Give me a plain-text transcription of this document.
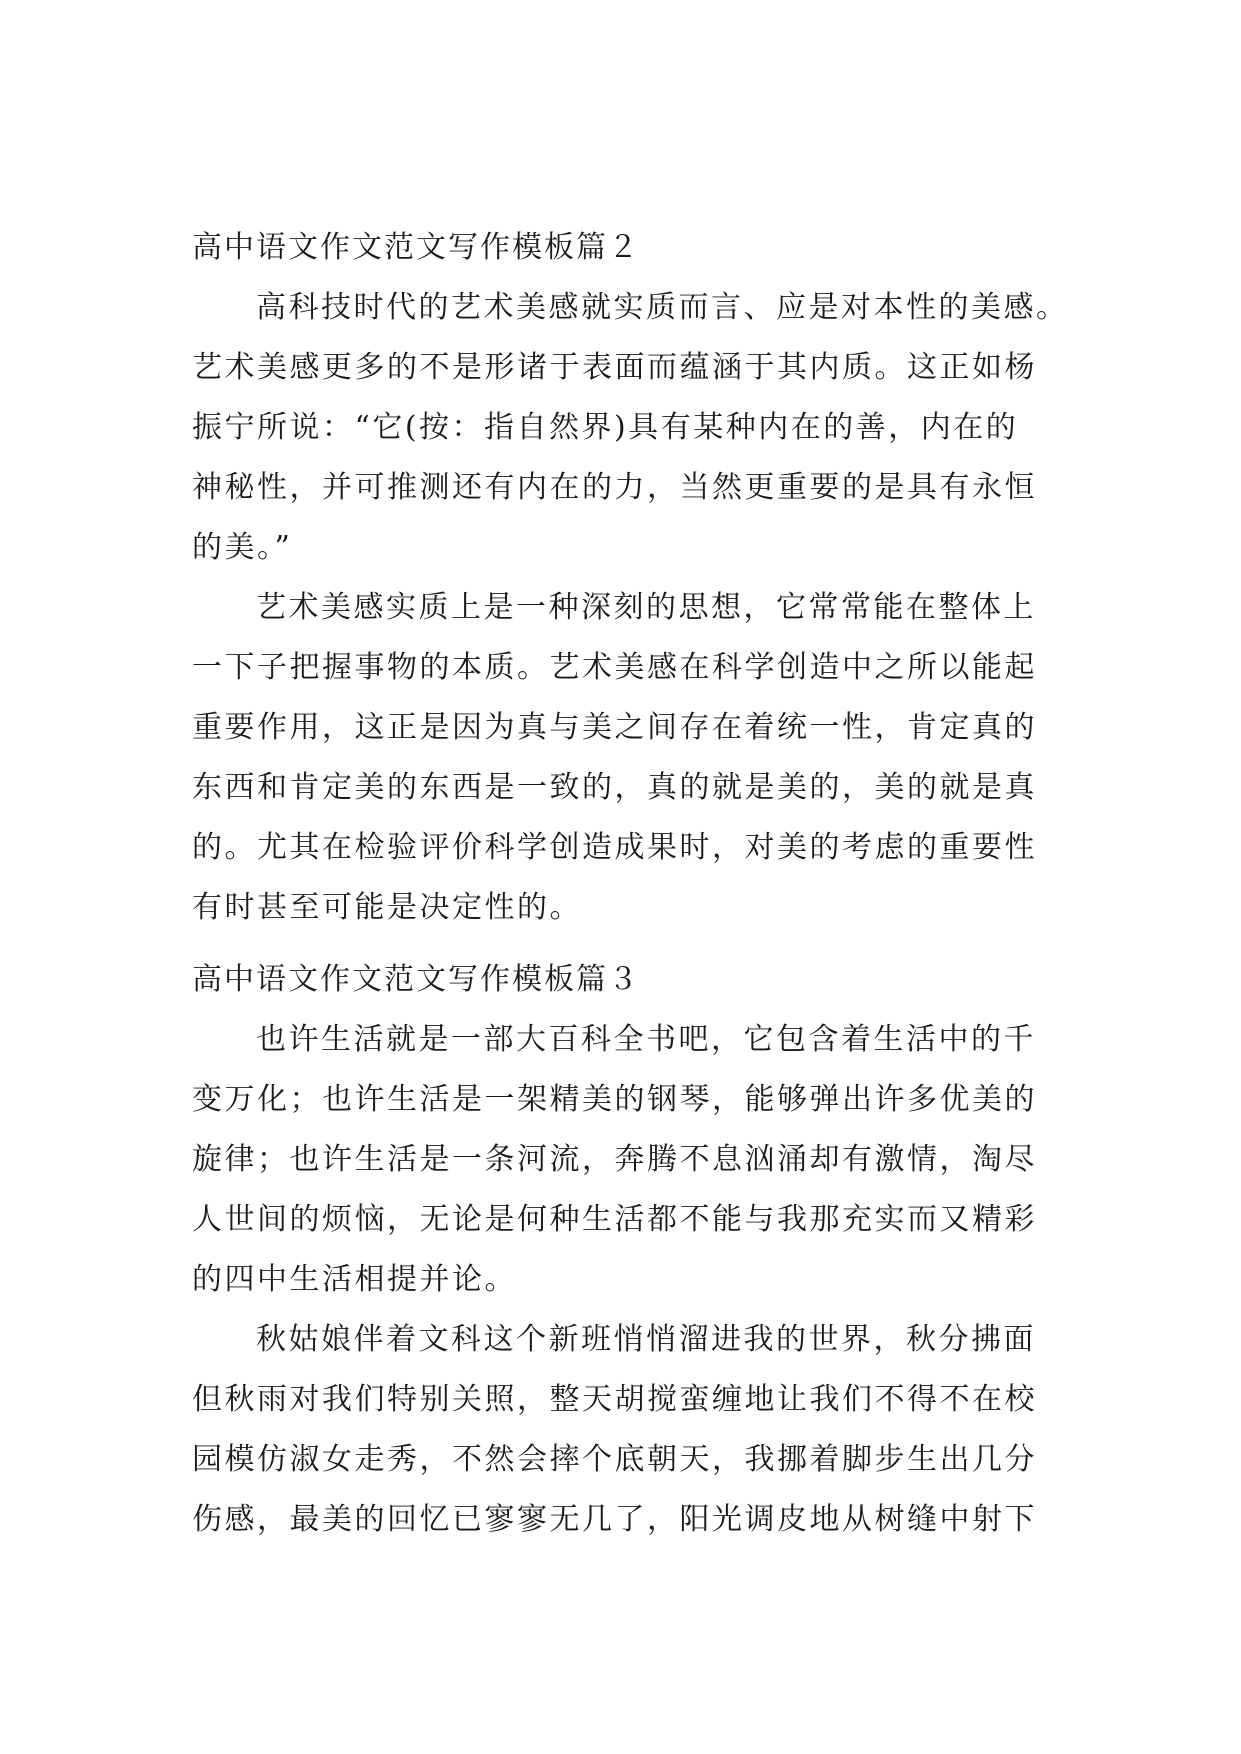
高中语文作文范文写作模板篇２

高科技时代的艺术美感就实质而言、应是对本性的美感。
艺术美感更多的不是形诸于表面而蕴涵于其内质。这正如杨
振宁所说：“它(按：指自然界)具有某种内在的善，内在的
神秘性，并可推测还有内在的力，当然更重要的是具有永恒
的美。”

艺术美感实质上是一种深刻的思想，它常常能在整体上
一下子把握事物的本质。艺术美感在科学创造中之所以能起
重要作用，这正是因为真与美之间存在着统一性，肯定真的
东西和肯定美的东西是一致的，真的就是美的，美的就是真
的。尤其在检验评价科学创造成果时，对美的考虑的重要性
有时甚至可能是决定性的。

高中语文作文范文写作模板篇３

也许生活就是一部大百科全书吧，它包含着生活中的千
变万化；也许生活是一架精美的钢琴，能够弹出许多优美的
旋律；也许生活是一条河流，奔腾不息汹涌却有激情，淘尽
人世间的烦恼，无论是何种生活都不能与我那充实而又精彩
的四中生活相提并论。

秋姑娘伴着文科这个新班悄悄溜进我的世界，秋分拂面
但秋雨对我们特别关照，整天胡搅蛮缠地让我们不得不在校
园模仿淑女走秀，不然会摔个底朝天，我挪着脚步生出几分
伤感，最美的回忆已寥寥无几了，阳光调皮地从树缝中射下
